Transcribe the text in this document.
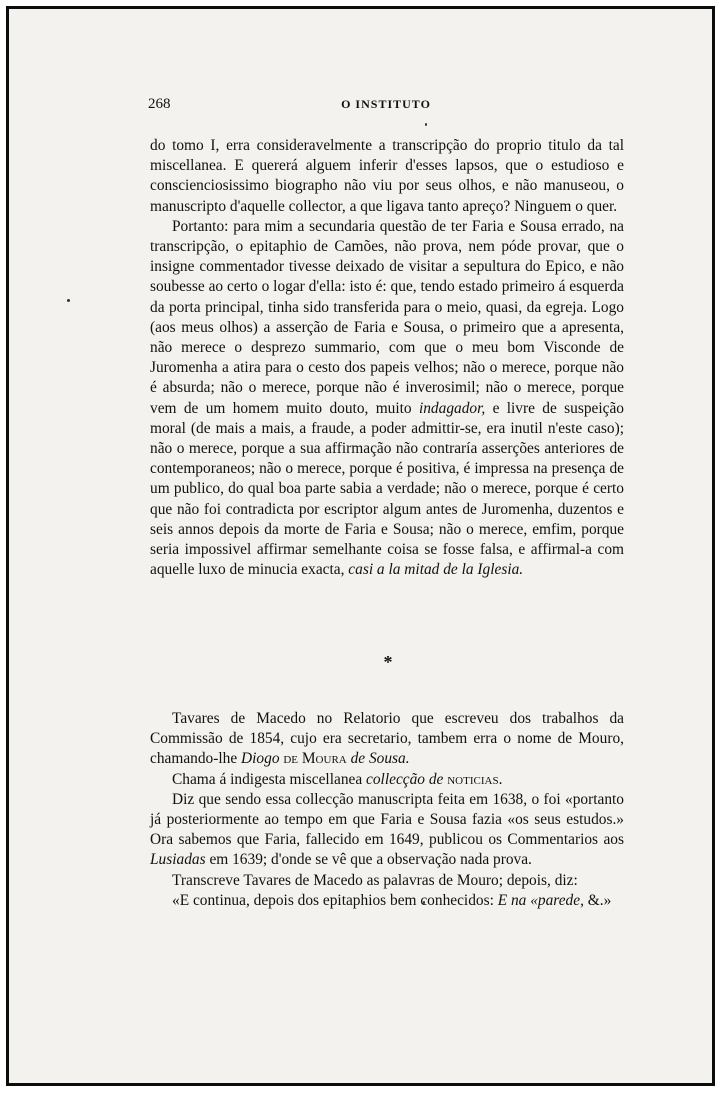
268	O INSTITUTO

do tomo I, erra consideravelmente a transcripção do proprio titulo da tal miscellanea. E quererá alguem inferir d'esses lapsos, que o estudioso e conscienciosissimo biographo não viu por seus olhos, e não manuseou, o manuscripto d'aquelle collector, a que ligava tanto apreço? Ninguem o quer.

Portanto: para mim a secundaria questão de ter Faria e Sousa errado, na transcripção, o epitaphio de Camões, não prova, nem póde provar, que o insigne commentador tivesse deixado de visitar a sepultura do Epico, e não soubesse ao certo o logar d'ella: isto é: que, tendo estado primeiro á esquerda da porta principal, tinha sido transferida para o meio, quasi, da egreja. Logo (aos meus olhos) a asserção de Faria e Sousa, o primeiro que a apresenta, não merece o desprezo summario, com que o meu bom Visconde de Juromenha a atira para o cesto dos papeis velhos; não o merece, porque não é absurda; não o merece, porque não é inverosimil; não o merece, porque vem de um homem muito douto, muito indagador, e livre de suspeição moral (de mais a mais, a fraude, a poder admittir-se, era inutil n'este caso); não o merece, porque a sua affirmação não contraría asserções anteriores de contemporaneos; não o merece, porque é positiva, é impressa na presença de um publico, do qual boa parte sabia a verdade; não o merece, porque é certo que não foi contradicta por escriptor algum antes de Juromenha, duzentos e seis annos depois da morte de Faria e Sousa; não o merece, emfim, porque seria impossivel affirmar semelhante coisa se fosse falsa, e affirmal-a com aquelle luxo de minucia exacta, casi a la mitad de la Iglesia.

*

Tavares de Macedo no Relatorio que escreveu dos trabalhos da Commissão de 1854, cujo era secretario, tambem erra o nome de Mouro, chamando-lhe Diogo de Moura de Sousa.

Chama á indigesta miscellanea collecção de noticias.

Diz que sendo essa collecção manuscripta feita em 1638, o foi «portanto já posteriormente ao tempo em que Faria e Sousa fazia «os seus estudos.» Ora sabemos que Faria, fallecido em 1649, publicou os Commentarios aos Lusiadas em 1639; d'onde se vê que a observação nada prova.

Transcreve Tavares de Macedo as palavras de Mouro; depois, diz:

«E continua, depois dos epitaphios bem conhecidos: E na «parede, &.»
